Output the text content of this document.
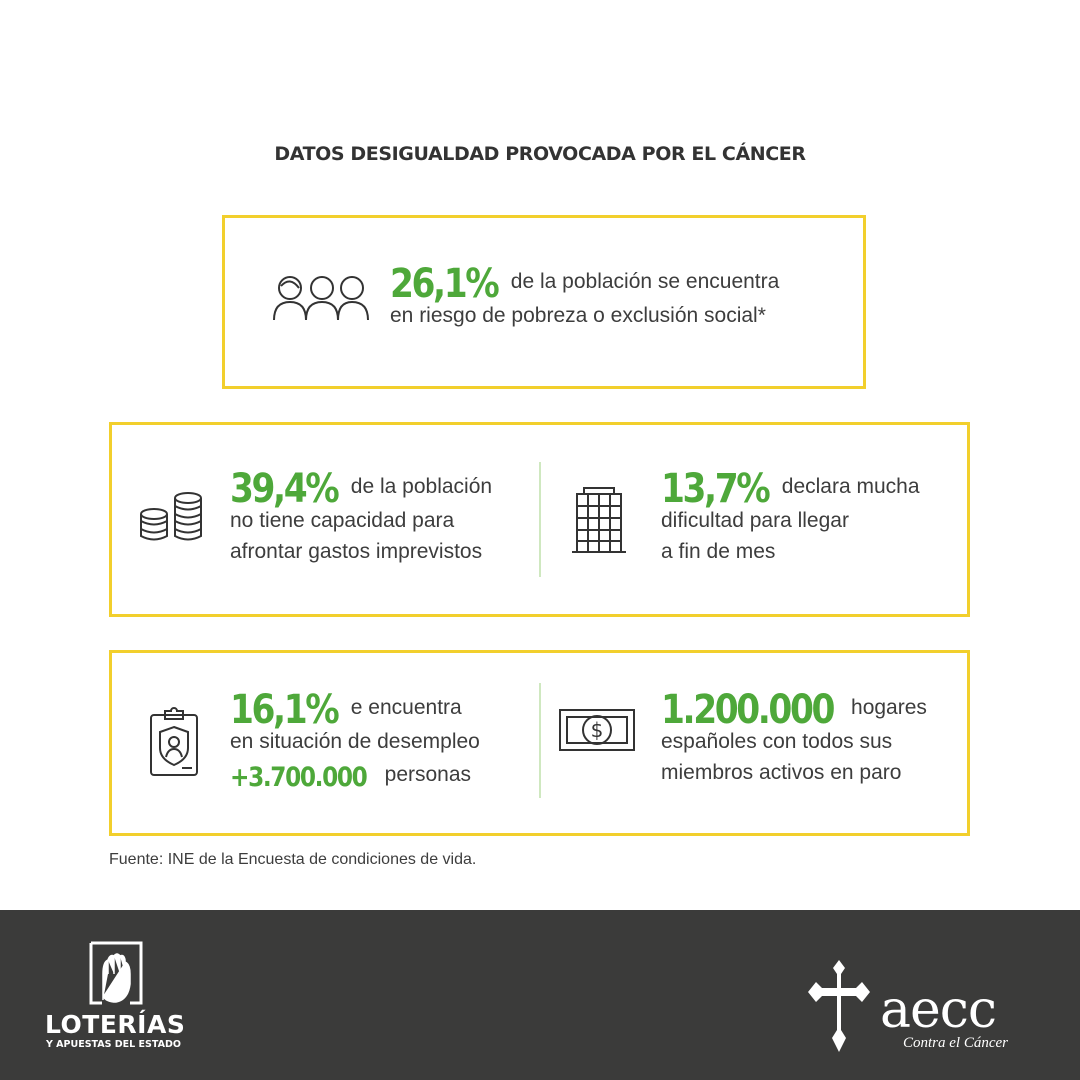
DATOS DESIGUALDAD PROVOCADA POR EL CÁNCER
26,1% de la población se encuentra
en riesgo de pobreza o exclusión social*
39,4% de la población
no tiene capacidad para
afrontar gastos imprevistos
13,7% declara mucha
dificultad para llegar
a fin de mes
16,1% e encuentra
en situación de desempleo
+3.700.000 personas
$ 1.200.000 hogares
españoles con todos sus
miembros activos en paro
Fuente: INE de la Encuesta de condiciones de vida.
LOTERÍAS
Y APUESTAS DEL ESTADO
aecc
Contra el Cáncer
